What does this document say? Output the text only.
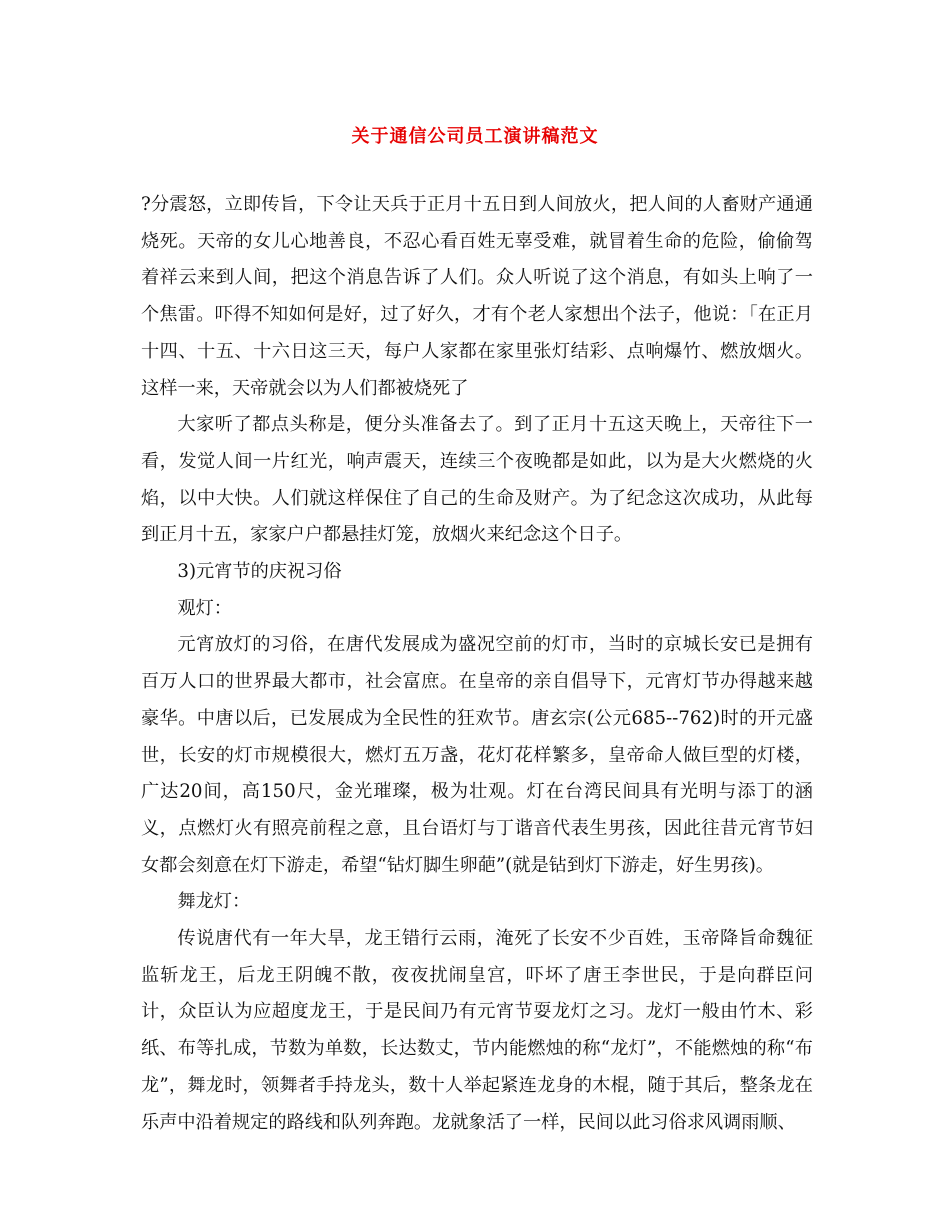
关于通信公司员工演讲稿范文

?分震怒，立即传旨，下令让天兵于正月十五日到人间放火，把人间的人畜财产通通烧死。天帝的女儿心地善良，不忍心看百姓无辜受难，就冒着生命的危险，偷偷驾着祥云来到人间，把这个消息告诉了人们。众人听说了这个消息，有如头上响了一个焦雷。吓得不知如何是好，过了好久，才有个老人家想出个法子，他说：「在正月十四、十五、十六日这三天，每户人家都在家里张灯结彩、点响爆竹、燃放烟火。这样一来，天帝就会以为人们都被烧死了

大家听了都点头称是，便分头准备去了。到了正月十五这天晚上，天帝往下一看，发觉人间一片红光，响声震天，连续三个夜晚都是如此，以为是大火燃烧的火焰，以中大快。人们就这样保住了自己的生命及财产。为了纪念这次成功，从此每到正月十五，家家户户都悬挂灯笼，放烟火来纪念这个日子。

3)元宵节的庆祝习俗

观灯：

元宵放灯的习俗，在唐代发展成为盛况空前的灯市，当时的京城长安已是拥有百万人口的世界最大都市，社会富庶。在皇帝的亲自倡导下，元宵灯节办得越来越豪华。中唐以后，已发展成为全民性的狂欢节。唐玄宗(公元685--762)时的开元盛世，长安的灯市规模很大，燃灯五万盏，花灯花样繁多，皇帝命人做巨型的灯楼，广达20间，高150尺，金光璀璨，极为壮观。灯在台湾民间具有光明与添丁的涵义，点燃灯火有照亮前程之意，且台语灯与丁谐音代表生男孩，因此往昔元宵节妇女都会刻意在灯下游走，希望“钻灯脚生卵葩”(就是钻到灯下游走，好生男孩)。

舞龙灯：

传说唐代有一年大旱，龙王错行云雨，淹死了长安不少百姓，玉帝降旨命魏征监斩龙王，后龙王阴魄不散，夜夜扰闹皇宫，吓坏了唐王李世民，于是向群臣问计，众臣认为应超度龙王，于是民间乃有元宵节耍龙灯之习。龙灯一般由竹木、彩纸、布等扎成，节数为单数，长达数丈，节内能燃烛的称“龙灯”，不能燃烛的称“布龙”，舞龙时，领舞者手持龙头，数十人举起紧连龙身的木棍，随于其后，整条龙在乐声中沿着规定的路线和队列奔跑。龙就象活了一样，民间以此习俗求风调雨顺、
